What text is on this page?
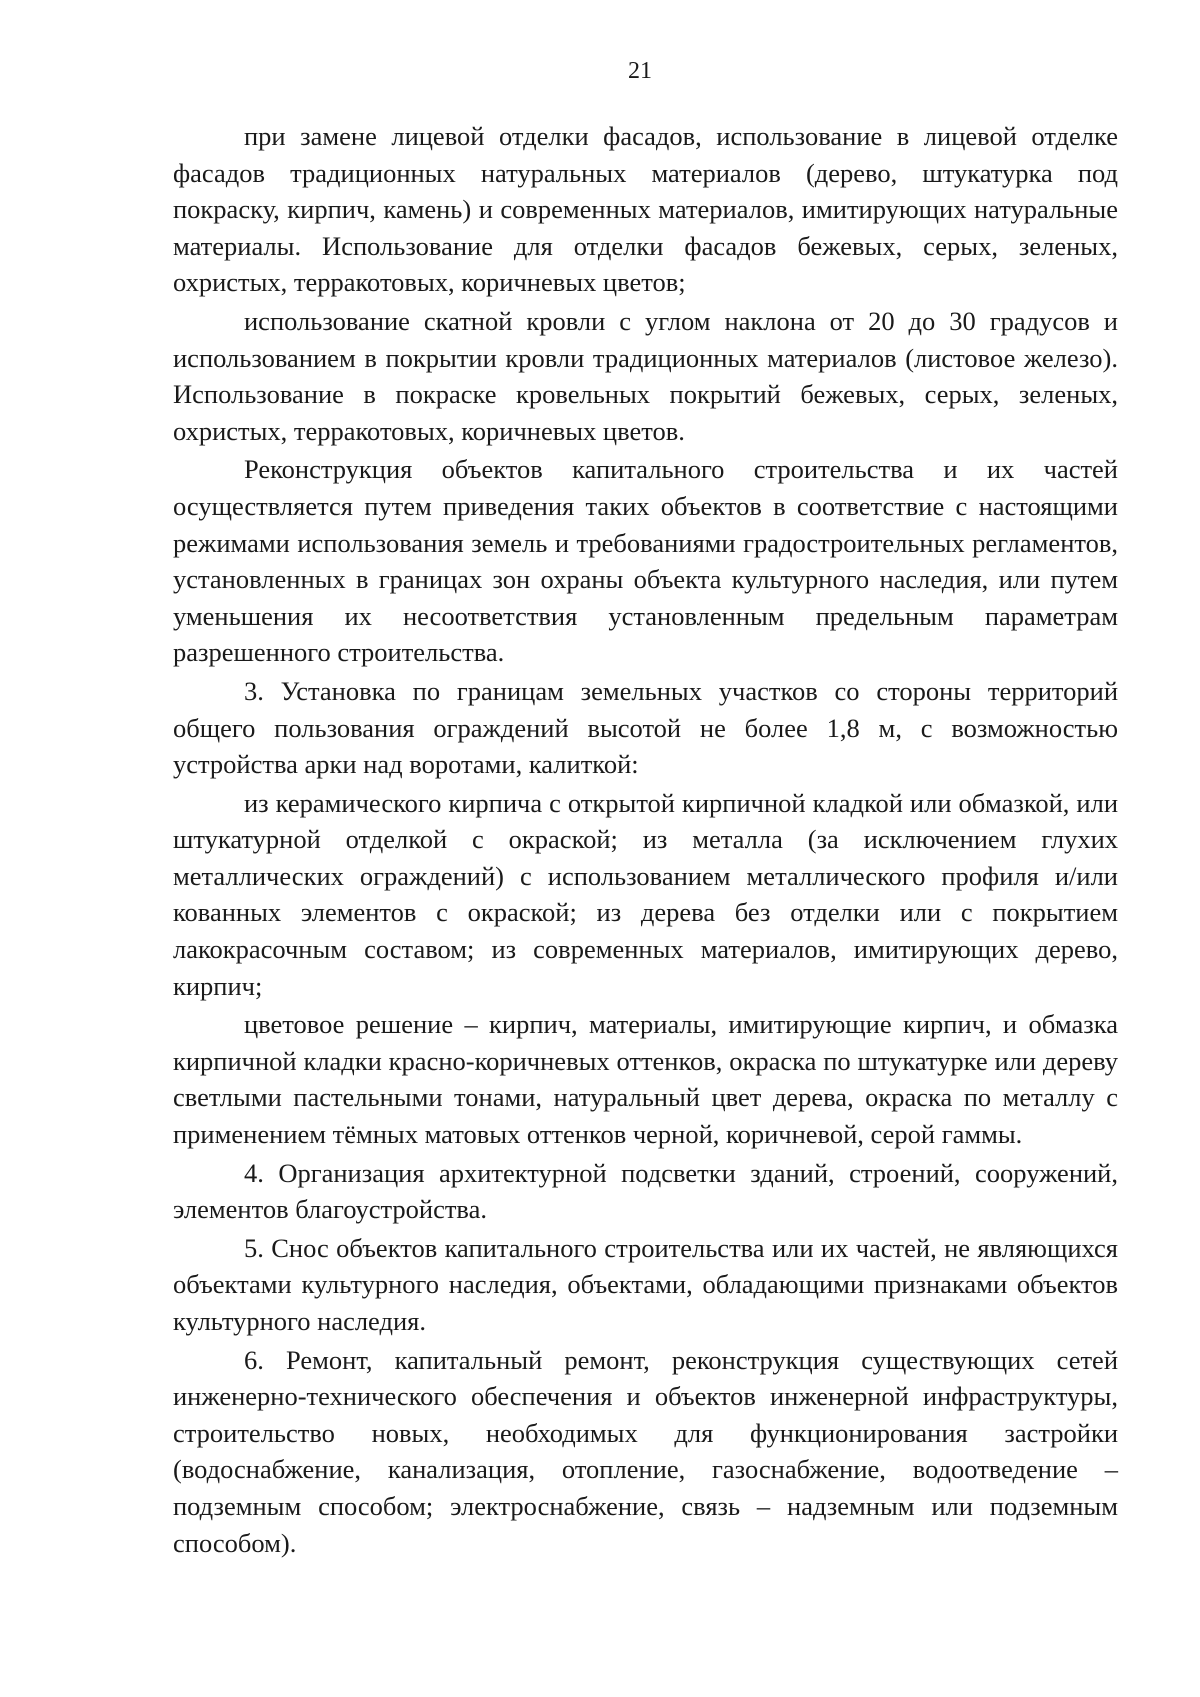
21

при замене лицевой отделки фасадов, использование в лицевой отделке фасадов традиционных натуральных материалов (дерево, штукатурка под покраску, кирпич, камень) и современных материалов, имитирующих натуральные материалы. Использование для отделки фасадов бежевых, серых, зеленых, охристых, терракотовых, коричневых цветов;

использование скатной кровли с углом наклона от 20 до 30 градусов и использованием в покрытии кровли традиционных материалов (листовое железо). Использование в покраске кровельных покрытий бежевых, серых, зеленых, охристых, терракотовых, коричневых цветов.

Реконструкция объектов капитального строительства и их частей осуществляется путем приведения таких объектов в соответствие с настоящими режимами использования земель и требованиями градостроительных регламентов, установленных в границах зон охраны объекта культурного наследия, или путем уменьшения их несоответствия установленным предельным параметрам разрешенного строительства.

3. Установка по границам земельных участков со стороны территорий общего пользования ограждений высотой не более 1,8 м, с возможностью устройства арки над воротами, калиткой:

из керамического кирпича с открытой кирпичной кладкой или обмазкой, или штукатурной отделкой с окраской; из металла (за исключением глухих металлических ограждений) с использованием металлического профиля и/или кованных элементов с окраской; из дерева без отделки или с покрытием лакокрасочным составом; из современных материалов, имитирующих дерево, кирпич;

цветовое решение – кирпич, материалы, имитирующие кирпич, и обмазка кирпичной кладки красно-коричневых оттенков, окраска по штукатурке или дереву светлыми пастельными тонами, натуральный цвет дерева, окраска по металлу с применением тёмных матовых оттенков черной, коричневой, серой гаммы.

4. Организация архитектурной подсветки зданий, строений, сооружений, элементов благоустройства.

5. Снос объектов капитального строительства или их частей, не являющихся объектами культурного наследия, объектами, обладающими признаками объектов культурного наследия.

6. Ремонт, капитальный ремонт, реконструкция существующих сетей инженерно-технического обеспечения и объектов инженерной инфраструктуры, строительство новых, необходимых для функционирования застройки (водоснабжение, канализация, отопление, газоснабжение, водоотведение – подземным способом; электроснабжение, связь – надземным или подземным способом).
